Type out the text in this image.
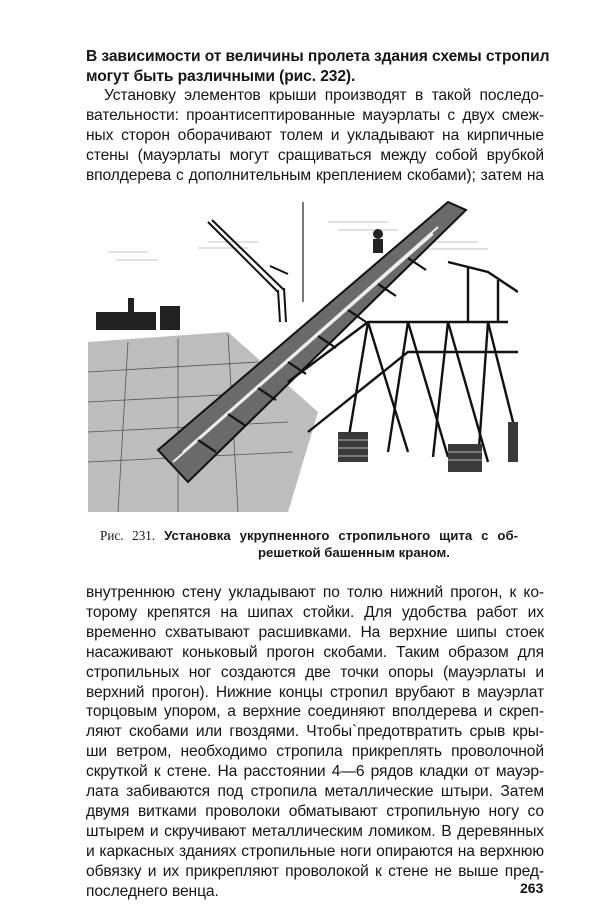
В зависимости от величины пролета здания схемы стропил
могут быть различными (рис. 232).
Установку элементов крыши производят в такой последо-
вательности: проантисептированные мауэрлаты с двух смеж-
ных сторон оборачивают толем и укладывают на кирпичные
стены (мауэрлаты могут сращиваться между собой врубкой
вполдерева с дополнительным креплением скобами); затем на
Рис. 231. Установка укрупненного стропильного щита с об-
решеткой башенным краном.
внутреннюю стену укладывают по толю нижний прогон, к ко-
торому крепятся на шипах стойки. Для удобства работ их
временно схватывают расшивками. На верхние шипы стоек
насаживают коньковый прогон скобами. Таким образом для
стропильных ног создаются две точки опоры (мауэрлаты и
верхний прогон). Нижние концы стропил врубают в мауэрлат
торцовым упором, а верхние соединяют вполдерева и скреп-
ляют скобами или гвоздями. Чтобы`предотвратить срыв кры-
ши ветром, необходимо стропила прикреплять проволочной
скруткой к стене. На расстоянии 4—6 рядов кладки от мауэр-
лата забиваются под стропила металлические штыри. Затем
двумя витками проволоки обматывают стропильную ногу со
штырем и скручивают металлическим ломиком. В деревянных
и каркасных зданиях стропильные ноги опираются на верхнюю
обвязку и их прикрепляют проволокой к стене не выше пред-
последнего венца.	263
